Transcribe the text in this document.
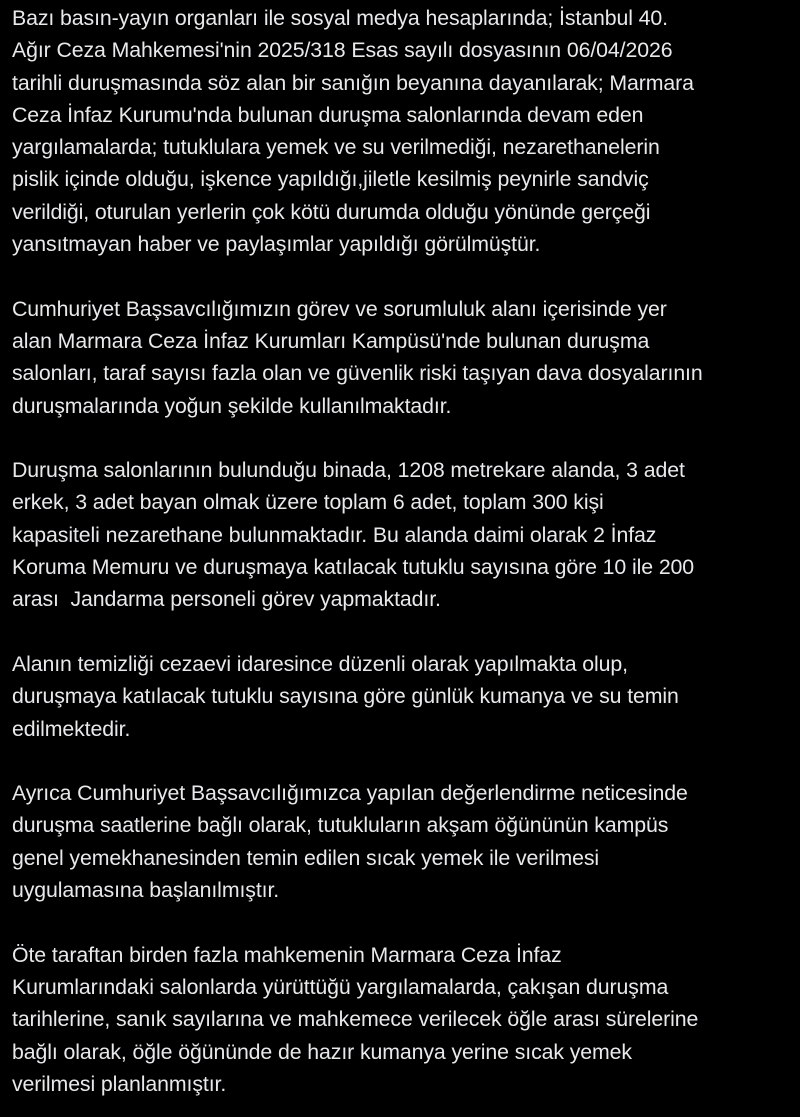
Bazı basın-yayın organları ile sosyal medya hesaplarında; İstanbul 40.
Ağır Ceza Mahkemesi'nin 2025/318 Esas sayılı dosyasının 06/04/2026
tarihli duruşmasında söz alan bir sanığın beyanına dayanılarak; Marmara
Ceza İnfaz Kurumu'nda bulunan duruşma salonlarında devam eden
yargılamalarda; tutuklulara yemek ve su verilmediği, nezarethanelerin
pislik içinde olduğu, işkence yapıldığı,jiletle kesilmiş peynirle sandviç
verildiği, oturulan yerlerin çok kötü durumda olduğu yönünde gerçeği
yansıtmayan haber ve paylaşımlar yapıldığı görülmüştür.
Cumhuriyet Başsavcılığımızın görev ve sorumluluk alanı içerisinde yer
alan Marmara Ceza İnfaz Kurumları Kampüsü'nde bulunan duruşma
salonları, taraf sayısı fazla olan ve güvenlik riski taşıyan dava dosyalarının
duruşmalarında yoğun şekilde kullanılmaktadır.
Duruşma salonlarının bulunduğu binada, 1208 metrekare alanda, 3 adet
erkek, 3 adet bayan olmak üzere toplam 6 adet, toplam 300 kişi
kapasiteli nezarethane bulunmaktadır. Bu alanda daimi olarak 2 İnfaz
Koruma Memuru ve duruşmaya katılacak tutuklu sayısına göre 10 ile 200
arası  Jandarma personeli görev yapmaktadır.
Alanın temizliği cezaevi idaresince düzenli olarak yapılmakta olup,
duruşmaya katılacak tutuklu sayısına göre günlük kumanya ve su temin
edilmektedir.
Ayrıca Cumhuriyet Başsavcılığımızca yapılan değerlendirme neticesinde
duruşma saatlerine bağlı olarak, tutukluların akşam öğününün kampüs
genel yemekhanesinden temin edilen sıcak yemek ile verilmesi
uygulamasına başlanılmıştır.
Öte taraftan birden fazla mahkemenin Marmara Ceza İnfaz
Kurumlarındaki salonlarda yürüttüğü yargılamalarda, çakışan duruşma
tarihlerine, sanık sayılarına ve mahkemece verilecek öğle arası sürelerine
bağlı olarak, öğle öğününde de hazır kumanya yerine sıcak yemek
verilmesi planlanmıştır.
